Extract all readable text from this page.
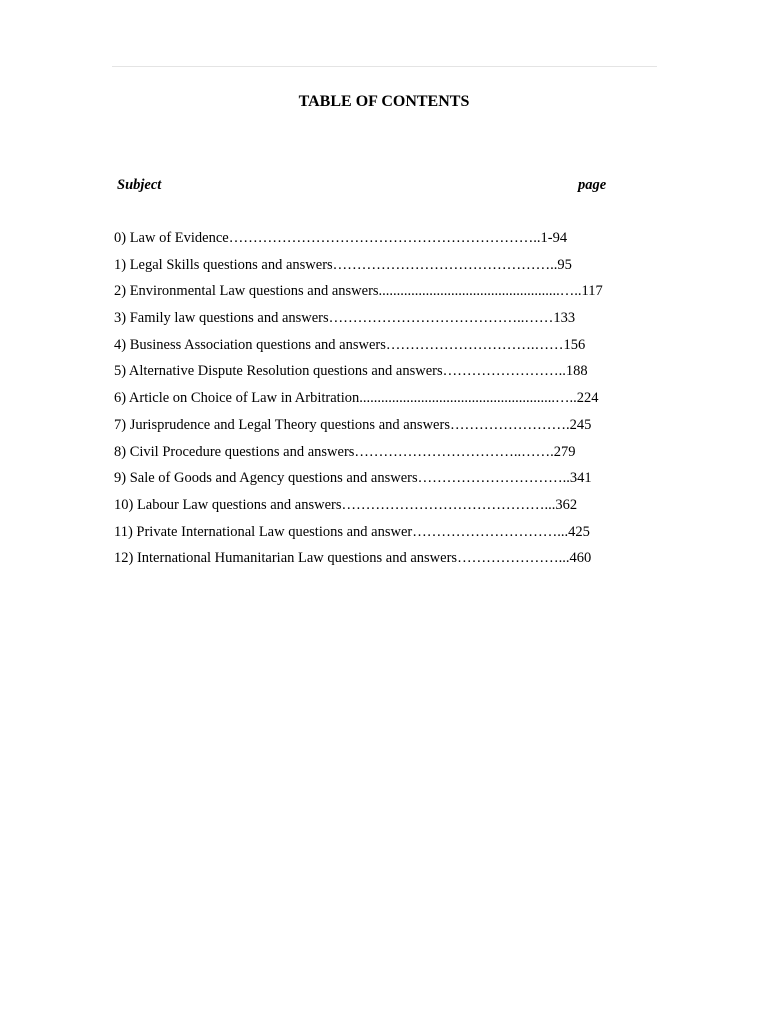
TABLE OF CONTENTS
Subject	page
0) Law of Evidence………………………………………………………..1-94
1) Legal Skills questions and answers………………………………………..95
2) Environmental Law questions and answers..................................................…..117
3) Family law questions and answers…………………………………..……133
4) Business Association questions and answers………………………….……156
5) Alternative Dispute Resolution questions and answers……………………..188
6) Article on Choice of Law in Arbitration......................................................…..224
7) Jurisprudence and Legal Theory questions and answers…………………….245
8) Civil Procedure questions and answers……………………………..…….279
9) Sale of Goods and Agency questions and answers…………………………..341
10) Labour Law questions and answers……………………………………...362
11) Private International Law questions and answer…………………………...425
12) International Humanitarian Law questions and answers…………………...460
